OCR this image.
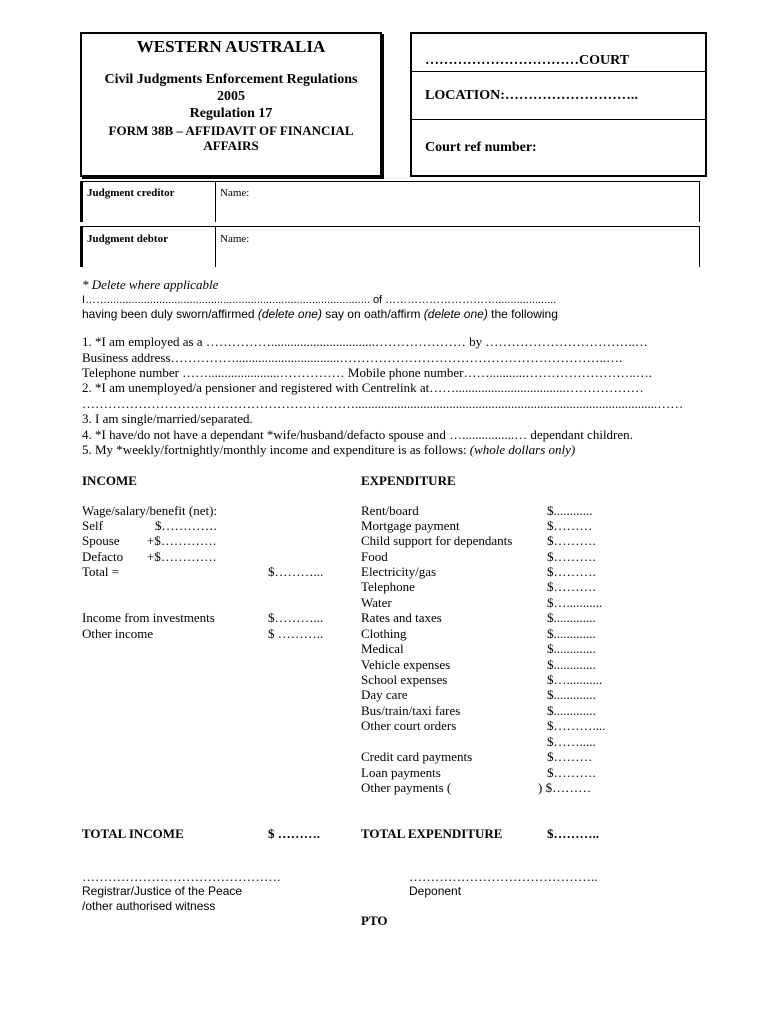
WESTERN AUSTRALIA
Civil Judgments Enforcement Regulations
2005
Regulation 17
FORM 38B – AFFIDAVIT OF FINANCIAL
AFFAIRS
……………………………COURT
LOCATION:………………………..
Court ref number:
Judgment creditor	Name:
Judgment debtor	Name:
* Delete where applicable
I……...................................................................................... of …………………………....................
having been duly sworn/affirmed (delete one) say on oath/affirm (delete one) the following
1. *I am employed as a ……………................................………………… by ……………………………..…
Business address……………................................……………………………………………………..….
Telephone number ……......................…………… Mobile phone number……...........……………………..….
2. *I am unemployed/a pensioner and registered with Centrelink at……..................................………………
……………………………………………………….............................................................................................……
3. I am single/married/separated.
4. *I have/do not have a dependant *wife/husband/defacto spouse and …................… dependant children.
5. My *weekly/fortnightly/monthly income and expenditure is as follows: (whole dollars only)
INCOME
Wage/salary/benefit (net):
Self	$………….
Spouse +$………….
Defacto +$………….
Total =	$………...
Income from investments	$………...
Other income	$ ………..
TOTAL INCOME	$ ……….
EXPENDITURE
Rent/board	$............
Mortgage payment	$………
Child support for dependants	$……….
Food	$……….
Electricity/gas	$……….
Telephone	$……….
Water	$…...........
Rates and taxes	$.............
Clothing	$.............
Medical	$.............
Vehicle expenses	$.............
School expenses	$…...........
Day care	$.............
Bus/train/taxi fares	$.............
Other court orders	$………....
$…….....
Credit card payments	$………
Loan payments	$……….
Other payments (	) $………
TOTAL EXPENDITURE	$………..
……………………………………….
Registrar/Justice of the Peace
/other authorised witness
……………………………………..
Deponent
PTO
